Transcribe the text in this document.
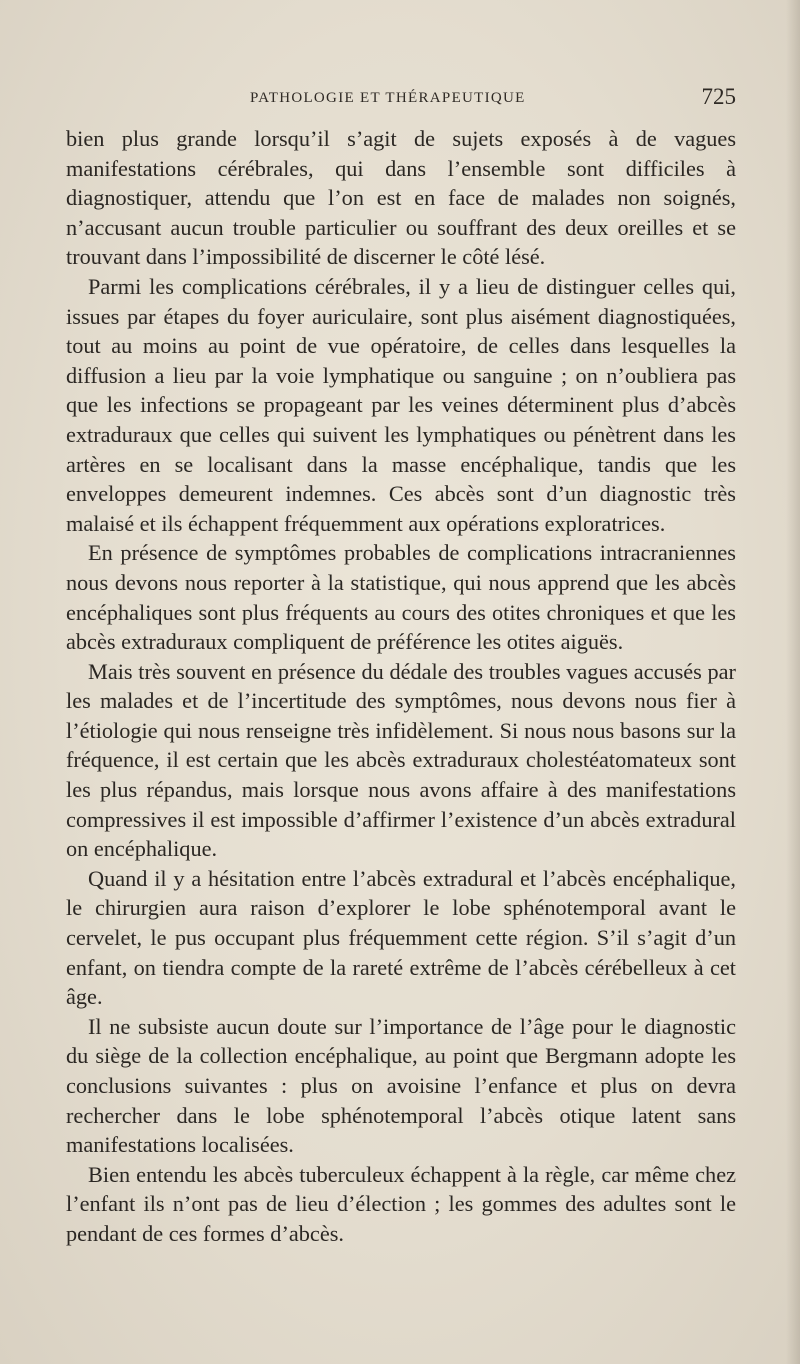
PATHOLOGIE ET THÉRAPEUTIQUE	725

bien plus grande lorsqu’il s’agit de sujets exposés à de vagues manifestations cérébrales, qui dans l’ensemble sont difficiles à diagnostiquer, attendu que l’on est en face de malades non soignés, n’accusant aucun trouble particulier ou souffrant des deux oreilles et se trouvant dans l’impossibilité de discerner le côté lésé.

Parmi les complications cérébrales, il y a lieu de distinguer celles qui, issues par étapes du foyer auriculaire, sont plus aisément diagnostiquées, tout au moins au point de vue opératoire, de celles dans lesquelles la diffusion a lieu par la voie lymphatique ou sanguine ; on n’oubliera pas que les infections se propageant par les veines déterminent plus d’abcès extraduraux que celles qui suivent les lymphatiques ou pénètrent dans les artères en se localisant dans la masse encéphalique, tandis que les enveloppes demeurent indemnes. Ces abcès sont d’un diagnostic très malaisé et ils échappent fréquemment aux opérations exploratrices.

En présence de symptômes probables de complications intracraniennes nous devons nous reporter à la statistique, qui nous apprend que les abcès encéphaliques sont plus fréquents au cours des otites chroniques et que les abcès extraduraux compliquent de préférence les otites aiguës.

Mais très souvent en présence du dédale des troubles vagues accusés par les malades et de l’incertitude des symptômes, nous devons nous fier à l’étiologie qui nous renseigne très infidèlement. Si nous nous basons sur la fréquence, il est certain que les abcès extraduraux cholestéatomateux sont les plus répandus, mais lorsque nous avons affaire à des manifestations compressives il est impossible d’affirmer l’existence d’un abcès extradural on encéphalique.

Quand il y a hésitation entre l’abcès extradural et l’abcès encéphalique, le chirurgien aura raison d’explorer le lobe sphénotemporal avant le cervelet, le pus occupant plus fréquemment cette région. S’il s’agit d’un enfant, on tiendra compte de la rareté extrême de l’abcès cérébelleux à cet âge.

Il ne subsiste aucun doute sur l’importance de l’âge pour le diagnostic du siège de la collection encéphalique, au point que Bergmann adopte les conclusions suivantes : plus on avoisine l’enfance et plus on devra rechercher dans le lobe sphénotemporal l’abcès otique latent sans manifestations localisées.

Bien entendu les abcès tuberculeux échappent à la règle, car même chez l’enfant ils n’ont pas de lieu d’élection ; les gommes des adultes sont le pendant de ces formes d’abcès.
